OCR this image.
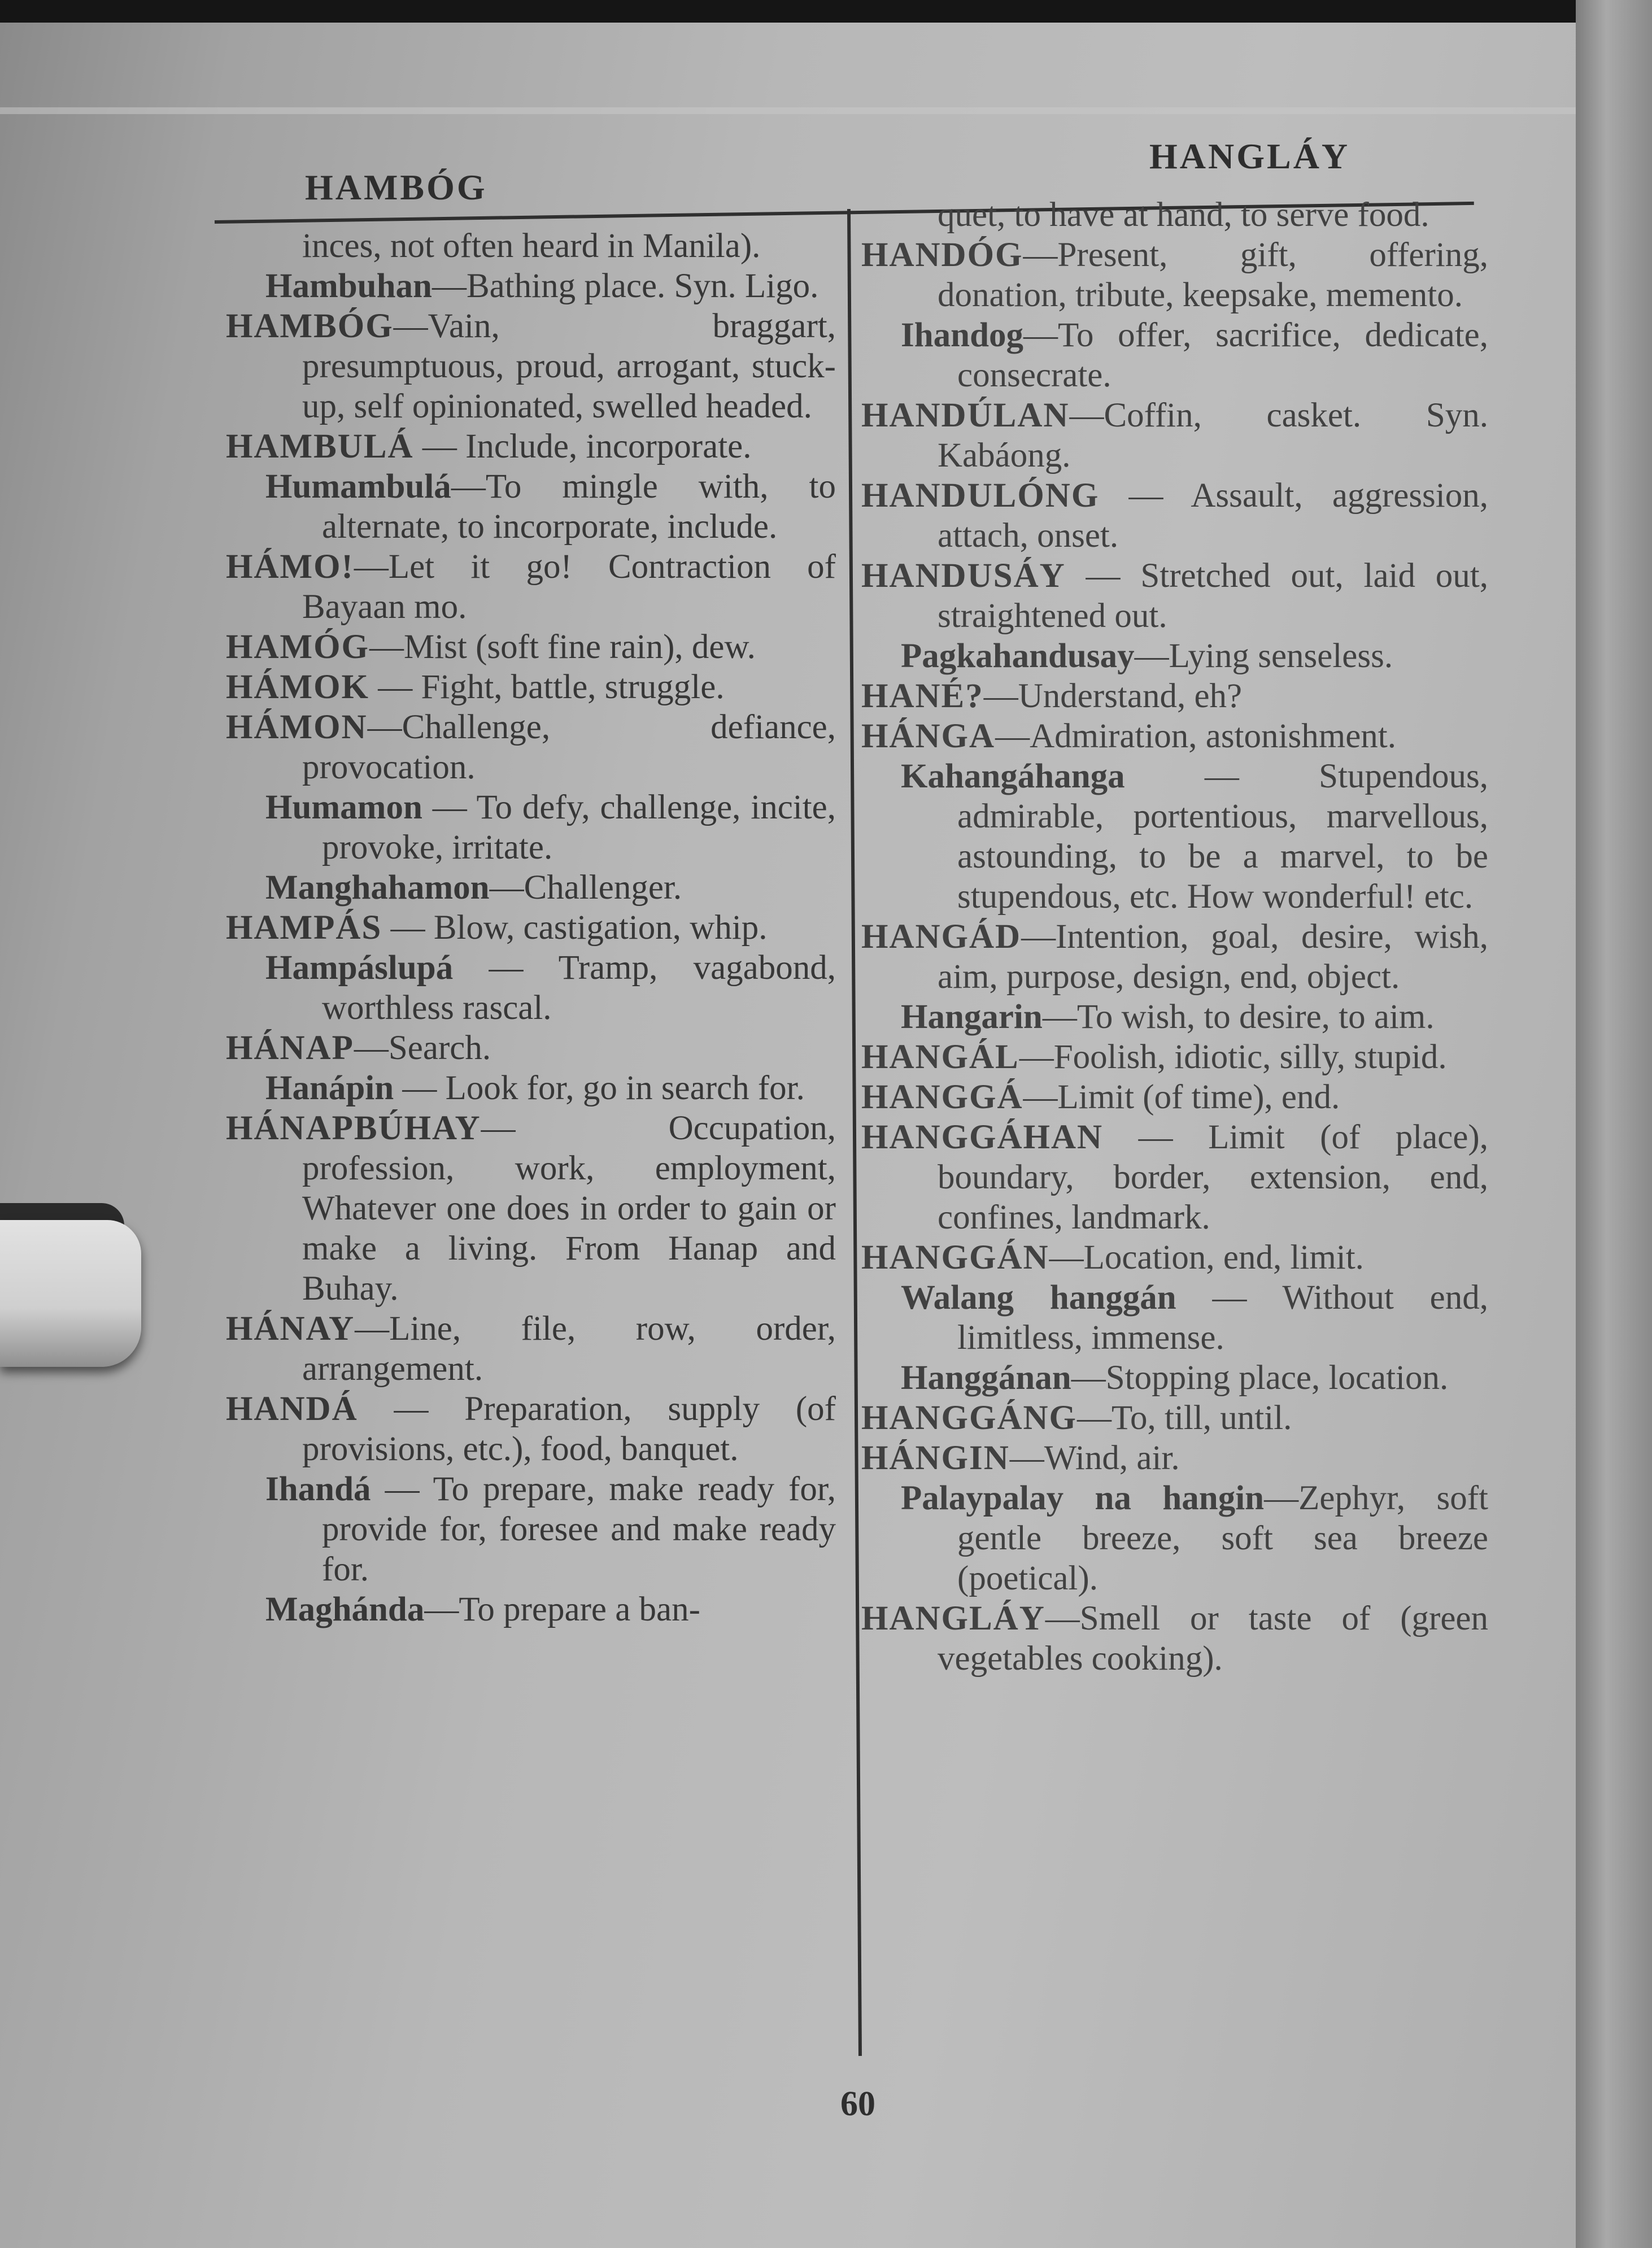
HAMBÓG
HANGLÁY

inces, not often heard in Manila).

Hambuhan—Bathing place. Syn. Ligo.

HAMBÓG—Vain, braggart, presumptuous, proud, arrogant, stuck-up, self opinionated, swelled headed.

HAMBULÁ — Include, incorporate.

Humambulá—To mingle with, to alternate, to incorporate, include.

HÁMO!—Let it go! Contraction of Bayaan mo.

HAMÓG—Mist (soft fine rain), dew.

HÁMOK — Fight, battle, struggle.

HÁMON—Challenge, defiance, provocation.

Humamon — To defy, challenge, incite, provoke, irritate.

Manghahamon—Challenger.

HAMPÁS — Blow, castigation, whip.

Hampáslupá — Tramp, vagabond, worthless rascal.

HÁNAP—Search.

Hanápin — Look for, go in search for.

HÁNAPBÚHAY— Occupation, profession, work, employment, Whatever one does in order to gain or make a living. From Hanap and Buhay.

HÁNAY—Line, file, row, order, arrangement.

HANDÁ — Preparation, supply (of provisions, etc.), food, banquet.

Ihandá — To prepare, make ready for, provide for, foresee and make ready for.

Maghánda—To prepare a ban-

quet, to have at hand, to serve food.

HANDÓG—Present, gift, offering, donation, tribute, keepsake, memento.

Ihandog—To offer, sacrifice, dedicate, consecrate.

HANDÚLAN—Coffin, casket. Syn. Kabáong.

HANDULÓNG — Assault, aggression, attach, onset.

HANDUSÁY — Stretched out, laid out, straightened out.

Pagkahandusay—Lying senseless.

HANÉ?—Understand, eh?

HÁNGA—Admiration, astonishment.

Kahangáhanga — Stupendous, admirable, portentious, marvellous, astounding, to be a marvel, to be stupendous, etc. How wonderful! etc.

HANGÁD—Intention, goal, desire, wish, aim, purpose, design, end, object.

Hangarin—To wish, to desire, to aim.

HANGÁL—Foolish, idiotic, silly, stupid.

HANGGÁ—Limit (of time), end.

HANGGÁHAN — Limit (of place), boundary, border, extension, end, confines, landmark.

HANGGÁN—Location, end, limit.

Walang hanggán — Without end, limitless, immense.

Hanggánan—Stopping place, location.

HANGGÁNG—To, till, until.

HÁNGIN—Wind, air.

Palaypalay na hangin—Zephyr, soft gentle breeze, soft sea breeze (poetical).

HANGLÁY—Smell or taste of (green vegetables cooking).

60
